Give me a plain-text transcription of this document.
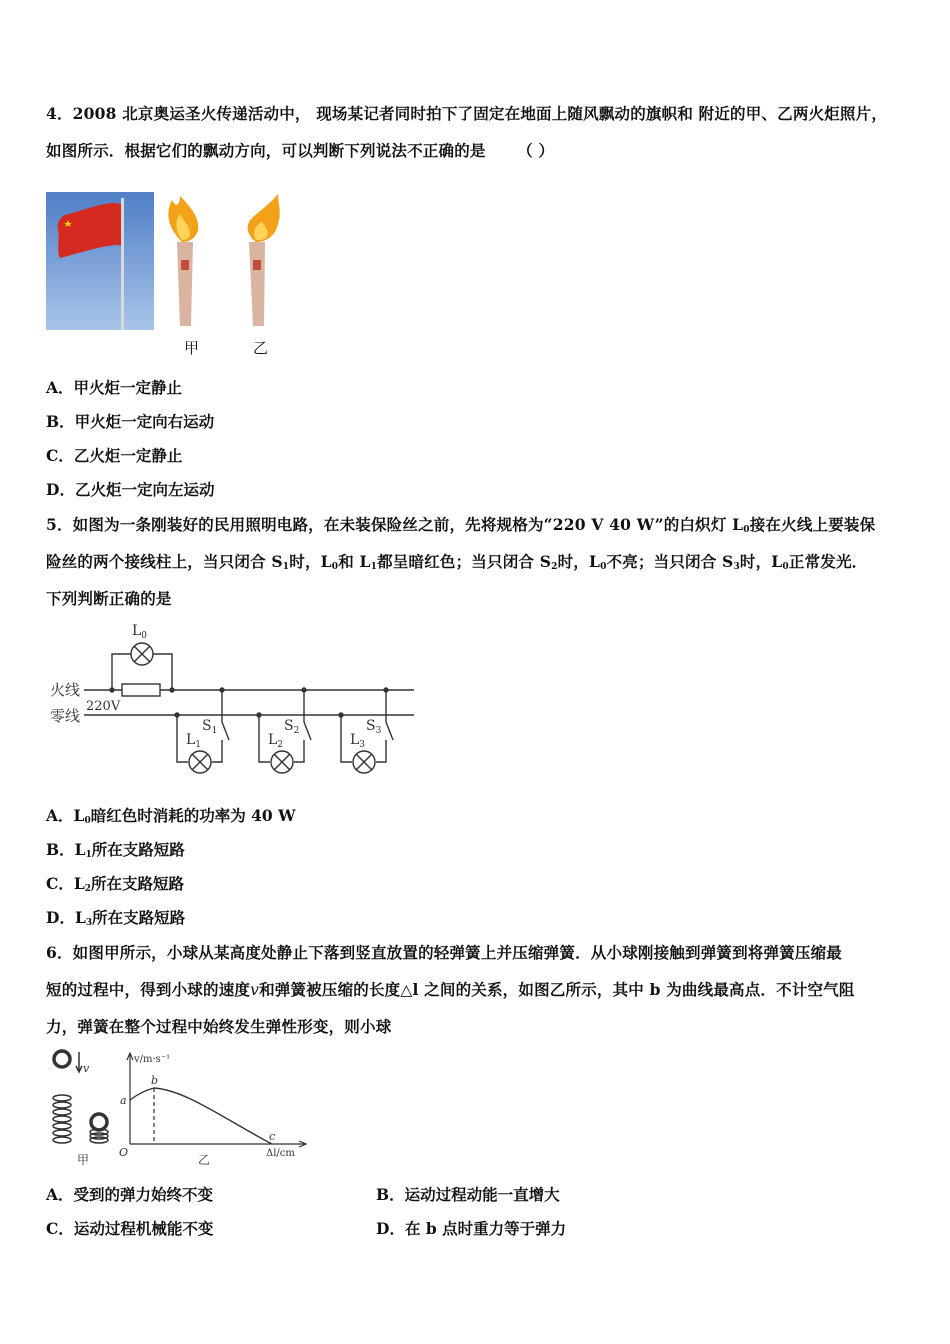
4．2008 北京奥运圣火传递活动中， 现场某记者同时拍下了固定在地面上随风飘动的旗帜和 附近的甲、乙两火炬照片，
如图所示．根据它们的飘动方向，可以判断下列说法不正确的是 （ ）
甲	乙
A．甲火炬一定静止
B．甲火炬一定向右运动
C．乙火炬一定静止
D．乙火炬一定向左运动
5．如图为一条刚装好的民用照明电路，在未装保险丝之前，先将规格为“220 V 40 W”的白炽灯 $L_0$接在火线上要装保
险丝的两个接线柱上，当只闭合 $S_1$时，$L_0$和 $L_1$都呈暗红色；当只闭合 $S_2$时，$L_0$不亮；当只闭合 $S_3$时，$L_0$正常发光．
下列判断正确的是
$L_0$
火线
零线
220V
$L_1$
$S_1$
$L_2$
$S_2$
$L_3$
$S_3$
A．$L_0$暗红色时消耗的功率为 40 W
B．$L_1$所在支路短路
C．$L_2$所在支路短路
D．$L_3$所在支路短路
6．如图甲所示，小球从某高度处静止下落到竖直放置的轻弹簧上并压缩弹簧．从小球刚接触到弹簧到将弹簧压缩最
短的过程中，得到小球的速度v和弹簧被压缩的长度△l 之间的关系，如图乙所示，其中 b 为曲线最高点．不计空气阻
力，弹簧在整个过程中始终发生弹性形变，则小球
v
甲
v/m·s⁻¹
Δl/cm
a
b
c
O
乙
A．受到的弹力始终不变	B．运动过程动能一直增大
C．运动过程机械能不变	D．在 b 点时重力等于弹力
